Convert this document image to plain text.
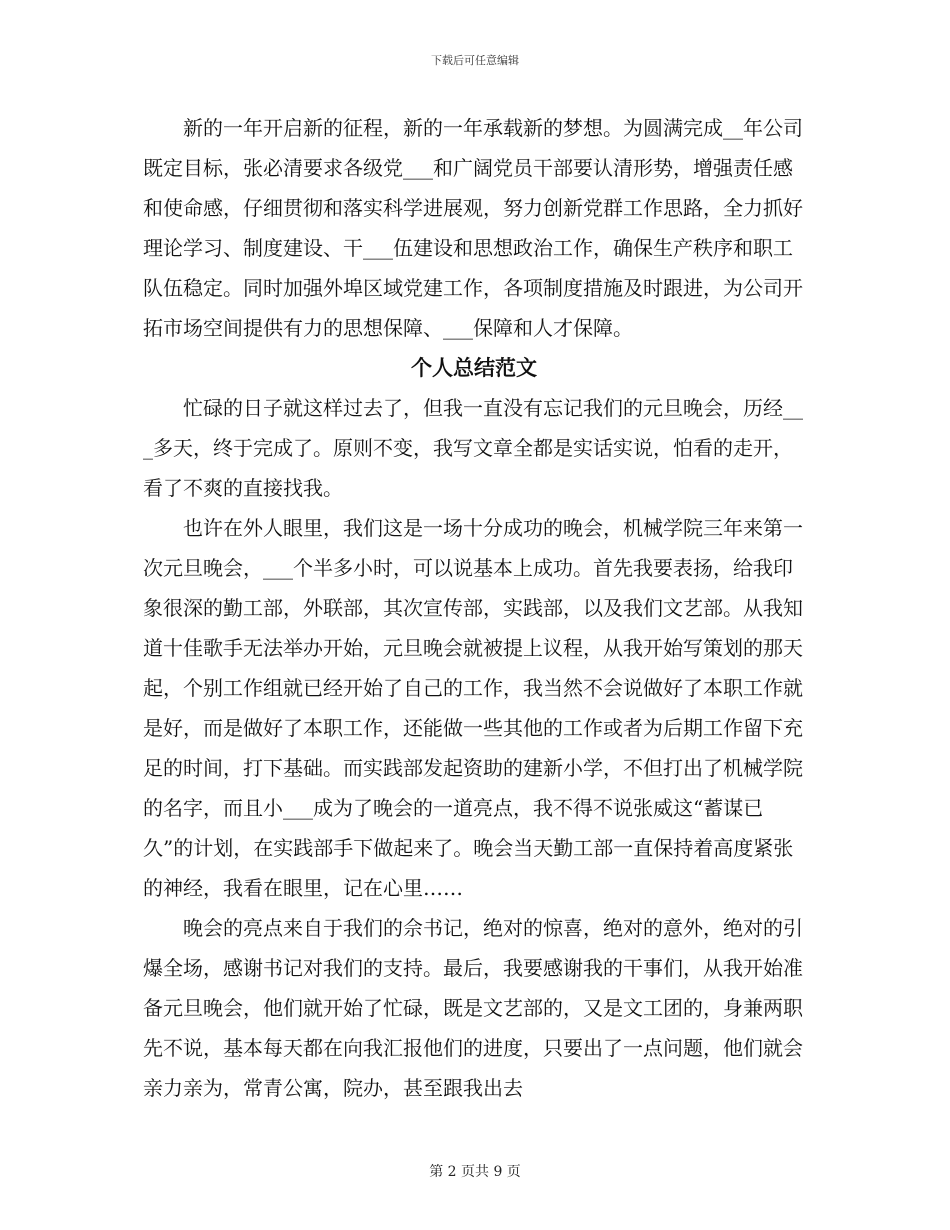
下载后可任意编辑

新的一年开启新的征程，新的一年承载新的梦想。为圆满完成__年公司既定目标，张必清要求各级党___和广阔党员干部要认清形势，增强责任感和使命感，仔细贯彻和落实科学进展观，努力创新党群工作思路，全力抓好理论学习、制度建设、干___伍建设和思想政治工作，确保生产秩序和职工队伍稳定。同时加强外埠区域党建工作，各项制度措施及时跟进，为公司开拓市场空间提供有力的思想保障、___保障和人才保障。

个人总结范文

忙碌的日子就这样过去了，但我一直没有忘记我们的元旦晚会，历经___多天，终于完成了。原则不变，我写文章全都是实话实说，怕看的走开，看了不爽的直接找我。

也许在外人眼里，我们这是一场十分成功的晚会，机械学院三年来第一次元旦晚会，___个半多小时，可以说基本上成功。首先我要表扬，给我印象很深的勤工部，外联部，其次宣传部，实践部，以及我们文艺部。从我知道十佳歌手无法举办开始，元旦晚会就被提上议程，从我开始写策划的那天起，个别工作组就已经开始了自己的工作，我当然不会说做好了本职工作就是好，而是做好了本职工作，还能做一些其他的工作或者为后期工作留下充足的时间，打下基础。而实践部发起资助的建新小学，不但打出了机械学院的名字，而且小___成为了晚会的一道亮点，我不得不说张威这“蓄谋已久”的计划，在实践部手下做起来了。晚会当天勤工部一直保持着高度紧张的神经，我看在眼里，记在心里……

晚会的亮点来自于我们的佘书记，绝对的惊喜，绝对的意外，绝对的引爆全场，感谢书记对我们的支持。最后，我要感谢我的干事们，从我开始准备元旦晚会，他们就开始了忙碌，既是文艺部的，又是文工团的，身兼两职先不说，基本每天都在向我汇报他们的进度，只要出了一点问题，他们就会亲力亲为，常青公寓，院办，甚至跟我出去

第 2 页共 9 页
